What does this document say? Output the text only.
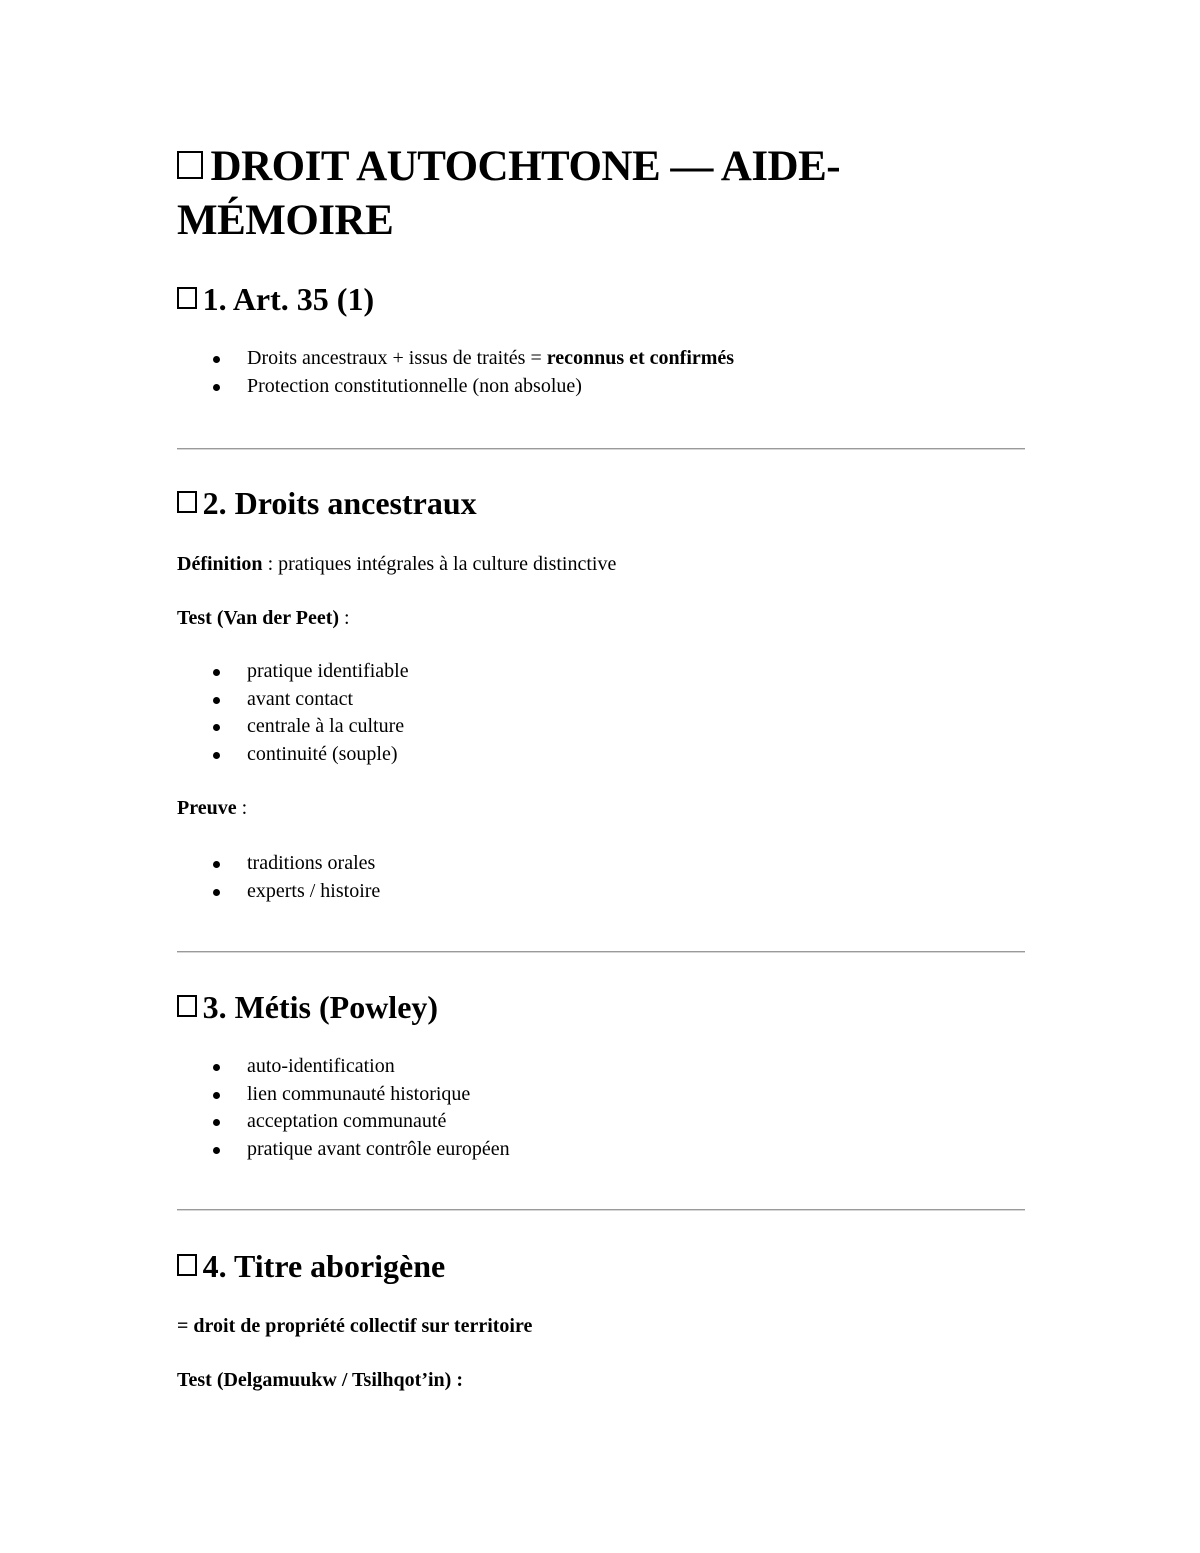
DROIT AUTOCHTONE — AIDE-MÉMOIRE
1. Art. 35 (1)
Droits ancestraux + issus de traités = reconnus et confirmés
Protection constitutionnelle (non absolue)
2. Droits ancestraux

Définition : pratiques intégrales à la culture distinctive

Test (Van der Peet) :

pratique identifiable
avant contact
centrale à la culture
continuité (souple)

Preuve :

traditions orales
experts / histoire
3. Métis (Powley)
auto-identification
lien communauté historique
acceptation communauté
pratique avant contrôle européen
4. Titre aborigène

= droit de propriété collectif sur territoire

Test (Delgamuukw / Tsilhqot’in) :
